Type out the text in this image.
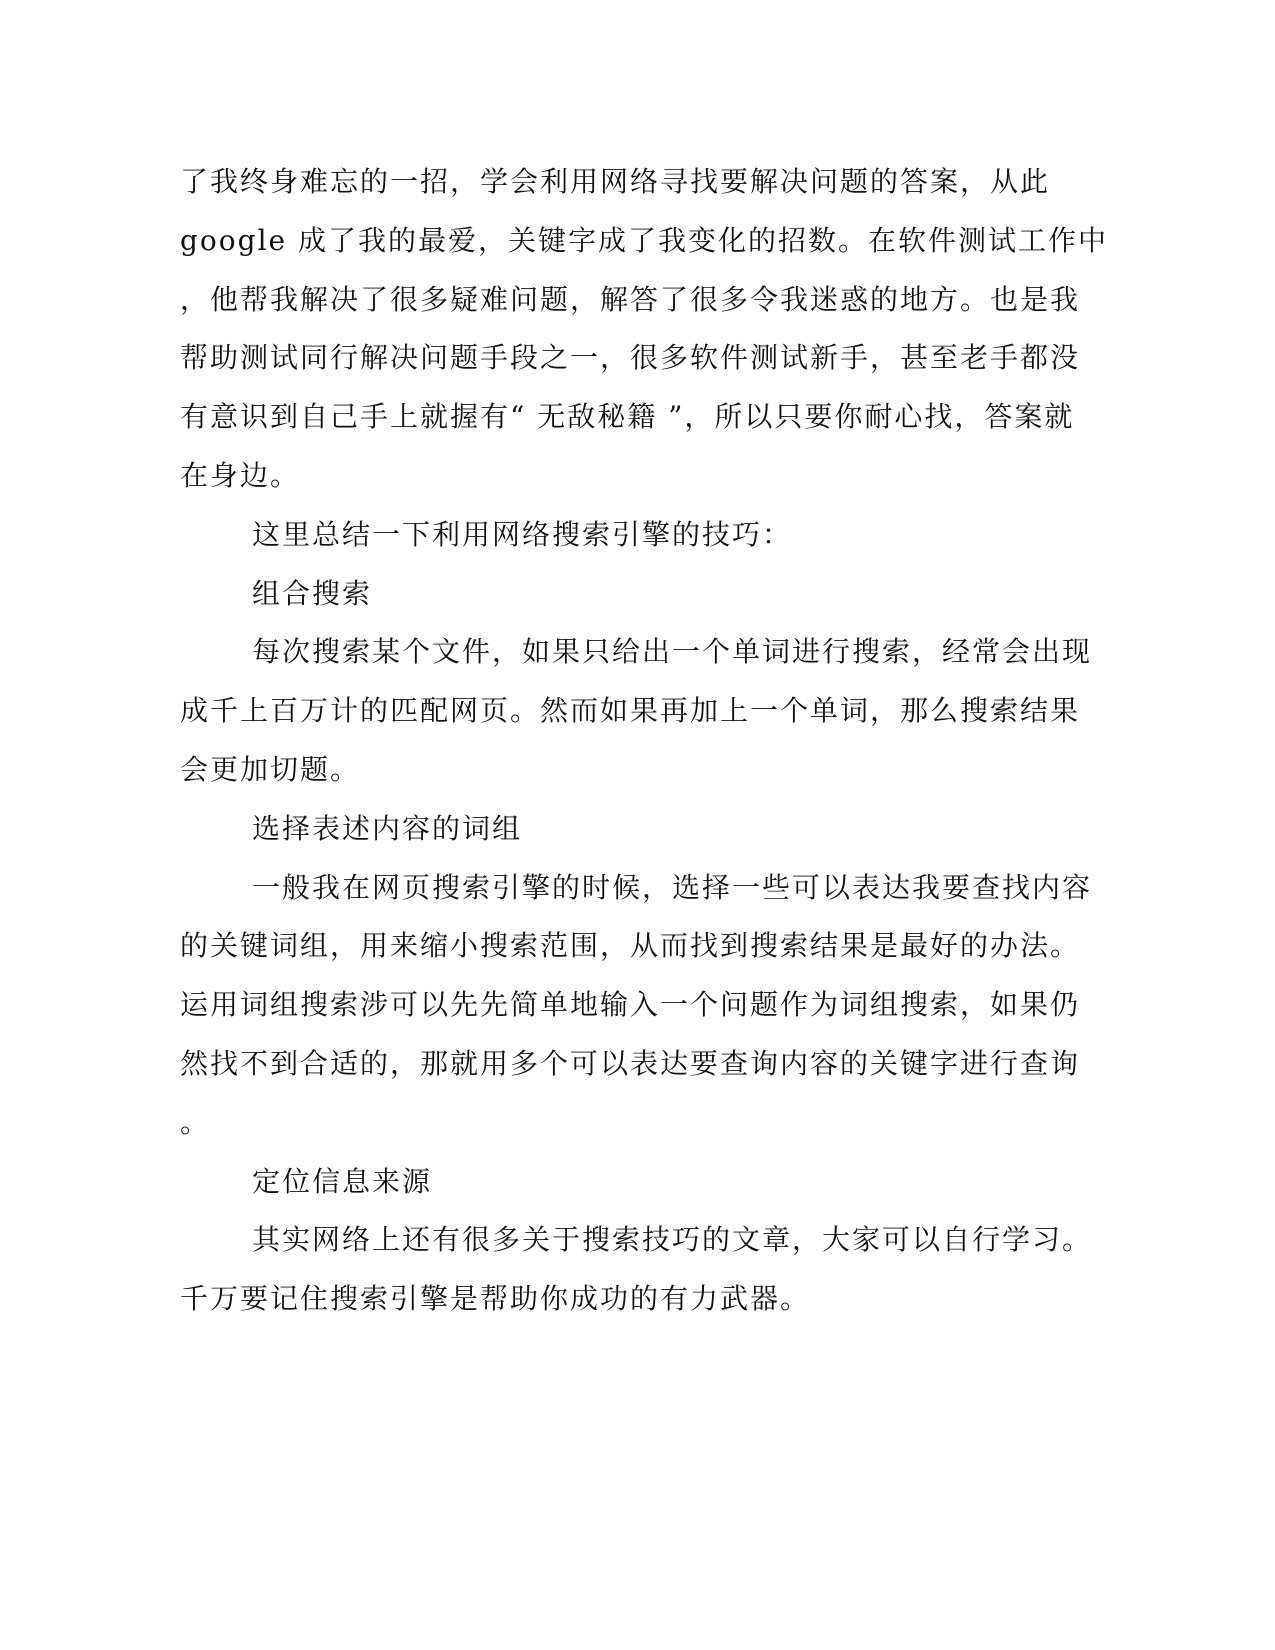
了我终身难忘的一招，学会利用网络寻找要解决问题的答案，从此
google 成了我的最爱，关键字成了我变化的招数。在软件测试工作中
，他帮我解决了很多疑难问题，解答了很多令我迷惑的地方。也是我
帮助测试同行解决问题手段之一，很多软件测试新手，甚至老手都没
有意识到自己手上就握有“ 无敌秘籍 ”，所以只要你耐心找，答案就
在身边。
这里总结一下利用网络搜索引擎的技巧：
组合搜索
每次搜索某个文件，如果只给出一个单词进行搜索，经常会出现
成千上百万计的匹配网页。然而如果再加上一个单词，那么搜索结果
会更加切题。
选择表述内容的词组
一般我在网页搜索引擎的时候，选择一些可以表达我要查找内容
的关键词组，用来缩小搜索范围，从而找到搜索结果是最好的办法。
运用词组搜索涉可以先先简单地输入一个问题作为词组搜索，如果仍
然找不到合适的，那就用多个可以表达要查询内容的关键字进行查询
。
定位信息来源
其实网络上还有很多关于搜索技巧的文章，大家可以自行学习。
千万要记住搜索引擎是帮助你成功的有力武器。
